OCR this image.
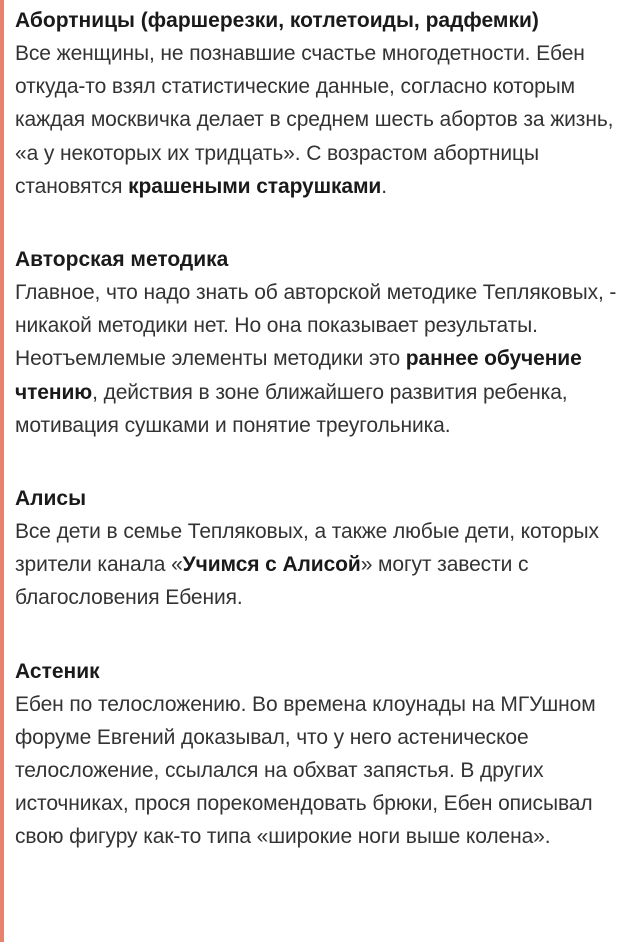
Абортницы (фаршерезки, котлетоиды, радфемки)

Все женщины, не познавшие счастье многодетности. Ебен откуда-то взял статистические данные, согласно которым каждая москвичка делает в среднем шесть абортов за жизнь, «а у некоторых их тридцать». С возрастом абортницы становятся крашеными старушками.

Авторская методика

Главное, что надо знать об авторской методике Тепляковых, - никакой методики нет. Но она показывает результаты. Неотъемлемые элементы методики это раннее обучение чтению, действия в зоне ближайшего развития ребенка, мотивация сушками и понятие треугольника.

Алисы

Все дети в семье Тепляковых, а также любые дети, которых зрители канала «Учимся с Алисой» могут завести с благословения Ебения.

Астеник

Ебен по телосложению. Во времена клоунады на МГУшном форуме Евгений доказывал, что у него астеническое телосложение, ссылался на обхват запястья. В других источниках, прося порекомендовать брюки, Ебен описывал свою фигуру как-то типа «широкие ноги выше колена».
